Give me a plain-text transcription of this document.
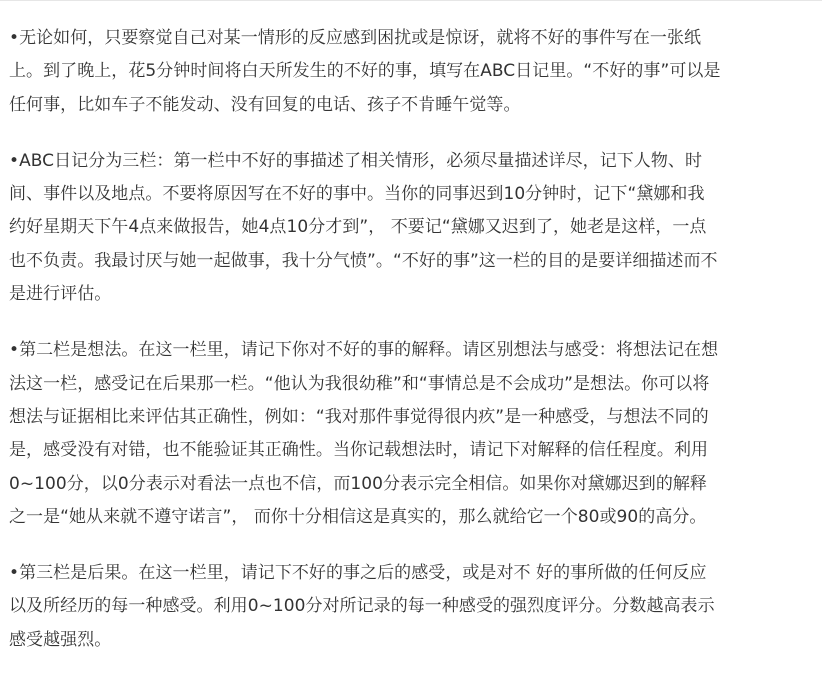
•无论如何，只要察觉自己对某一情形的反应感到困扰或是惊讶，就将不好的事件写在一张纸
上。到了晚上，花5分钟时间将白天所发生的不好的事，填写在ABC日记里。“不好的事”可以是
任何事，比如车子不能发动、没有回复的电话、孩子不肯睡午觉等。

•ABC日记分为三栏：第一栏中不好的事描述了相关情形，必须尽量描述详尽，记下人物、时
间、事件以及地点。不要将原因写在不好的事中。当你的同事迟到10分钟时，记下“黛娜和我
约好星期天下午4点来做报告，她4点10分才到”， 不要记“黛娜又迟到了，她老是这样，一点
也不负责。我最讨厌与她一起做事，我十分气愤”。“不好的事”这一栏的目的是要详细描述而不
是进行评估。

•第二栏是想法。在这一栏里，请记下你对不好的事的解释。请区别想法与感受：将想法记在想
法这一栏，感受记在后果那一栏。“他认为我很幼稚”和“事情总是不会成功”是想法。你可以将
想法与证据相比来评估其正确性，例如：“我对那件事觉得很内疚”是一种感受，与想法不同的
是，感受没有对错，也不能验证其正确性。当你记载想法时，请记下对解释的信任程度。利用
0~100分，以0分表示对看法一点也不信，而100分表示完全相信。如果你对黛娜迟到的解释
之一是“她从来就不遵守诺言”， 而你十分相信这是真实的，那么就给它一个80或90的高分。

•第三栏是后果。在这一栏里，请记下不好的事之后的感受，或是对不 好的事所做的任何反应
以及所经历的每一种感受。利用0~100分对所记录的每一种感受的强烈度评分。分数越高表示
感受越强烈。
